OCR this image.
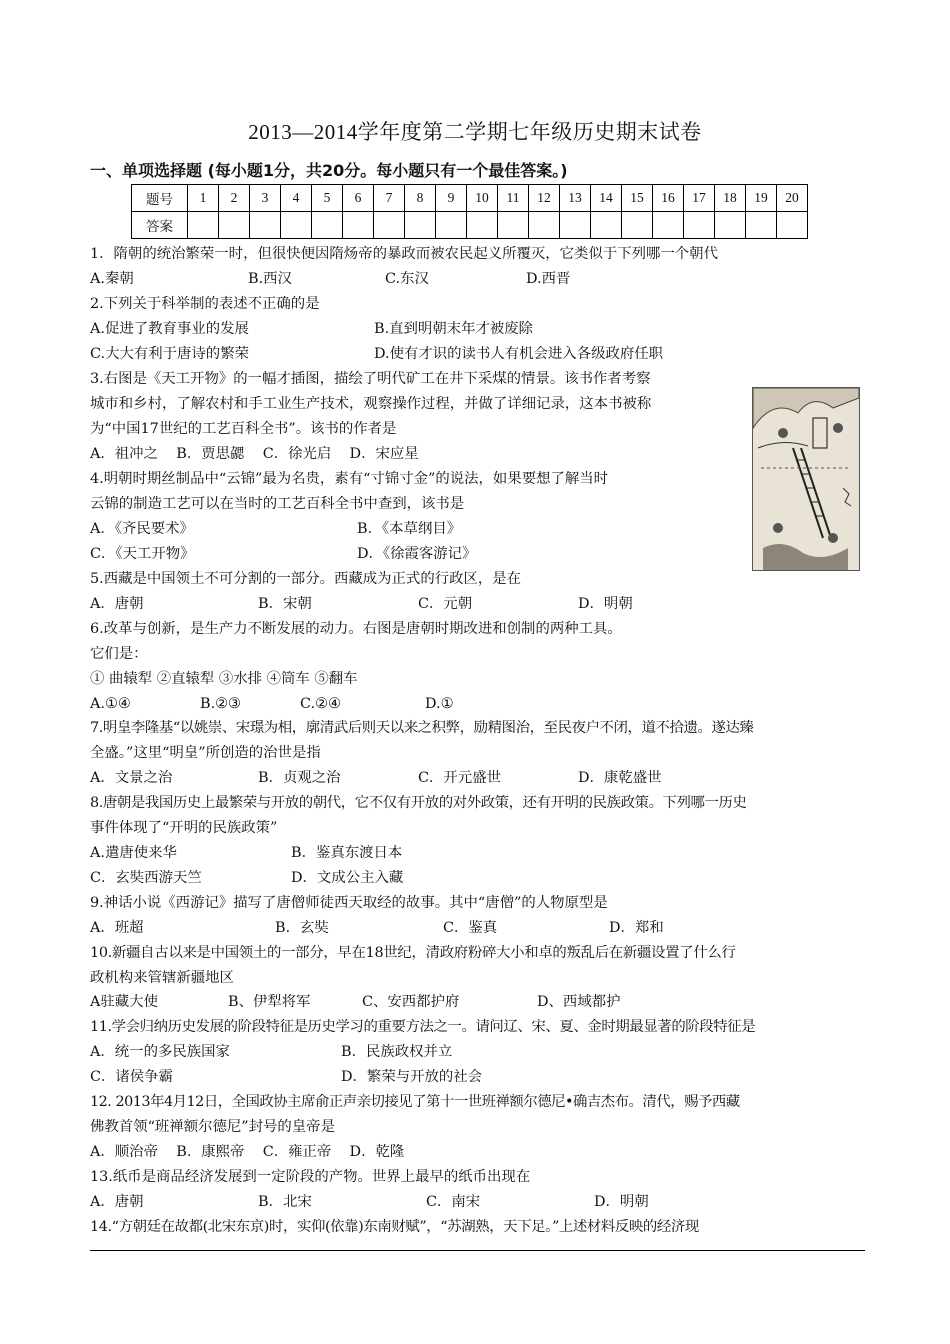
2013—2014学年度第二学期七年级历史期末试卷
一、单项选择题 (每小题1分，共20分。每小题只有一个最佳答案。)
题号	1	2	3	4	5	6	7	8	9	10	11	12	13	14	15	16	17	18	19	20
答案																				
1．隋朝的统治繁荣一时，但很快便因隋炀帝的暴政而被农民起义所覆灭，它类似于下列哪一个朝代
A.秦朝	B.西汉	C.东汉	D.西晋
2.下列关于科举制的表述不正确的是
A.促进了教育事业的发展	B.直到明朝末年才被废除
C.大大有利于唐诗的繁荣	D.使有才识的读书人有机会进入各级政府任职
3.右图是《天工开物》的一幅才插图，描绘了明代矿工在井下采煤的情景。该书作者考察
城市和乡村，了解农村和手工业生产技术，观察操作过程，并做了详细记录，这本书被称
为“中国17世纪的工艺百科全书”。该书的作者是
A．祖冲之    B．贾思勰    C．徐光启    D．宋应星
4.明朝时期丝制品中“云锦”最为名贵，素有“寸锦寸金”的说法，如果要想了解当时
云锦的制造工艺可以在当时的工艺百科全书中查到，该书是
A．《齐民要术》	B．《本草纲目》
C．《天工开物》	D．《徐霞客游记》
5.西藏是中国领土不可分割的一部分。西藏成为正式的行政区，是在
A．唐朝	B．宋朝	C．元朝	D．明朝
6.改革与创新，是生产力不断发展的动力。右图是唐朝时期改进和创制的两种工具。
它们是：
① 曲辕犁 ②直辕犁 ③水排 ④筒车 ⑤翻车
A.①④	B.②③	C.②④	D.①
7.明皇李隆基“以姚崇、宋璟为相，廓清武后则天以来之积弊，励精图治，至民夜户不闭，道不拾遗。遂达臻
全盛。”这里“明皇”所创造的治世是指
A．文景之治	B．贞观之治	C．开元盛世	D．康乾盛世
8.唐朝是我国历史上最繁荣与开放的朝代，它不仅有开放的对外政策，还有开明的民族政策。下列哪一历史
事件体现了“开明的民族政策”
A.遣唐使来华	B．鉴真东渡日本
C．玄奘西游天竺	D．文成公主入藏
9.神话小说《西游记》描写了唐僧师徒西天取经的故事。其中“唐僧”的人物原型是
A．班超	B．玄奘	C．鉴真	D．郑和
10.新疆自古以来是中国领土的一部分，早在18世纪，清政府粉碎大小和卓的叛乱后在新疆设置了什么行
政机构来管辖新疆地区
A驻藏大使	B、伊犁将军	C、安西都护府	D、西域都护
11.学会归纳历史发展的阶段特征是历史学习的重要方法之一。请问辽、宋、夏、金时期最显著的阶段特征是
A．统一的多民族国家	B．民族政权并立
C．诸侯争霸	D．繁荣与开放的社会
12. 2013年4月12日，全国政协主席俞正声亲切接见了第十一世班禅额尔德尼•确吉杰布。清代，赐予西藏
佛教首领“班禅额尔德尼”封号的皇帝是
A．顺治帝    B．康熙帝    C．雍正帝    D．乾隆
13.纸币是商品经济发展到一定阶段的产物。世界上最早的纸币出现在
A．唐朝	B．北宋	C．南宋	D．明朝
14.“方朝廷在故都(北宋东京)时，实仰(依靠)东南财赋”，“苏湖熟，天下足。”上述材料反映的经济现
